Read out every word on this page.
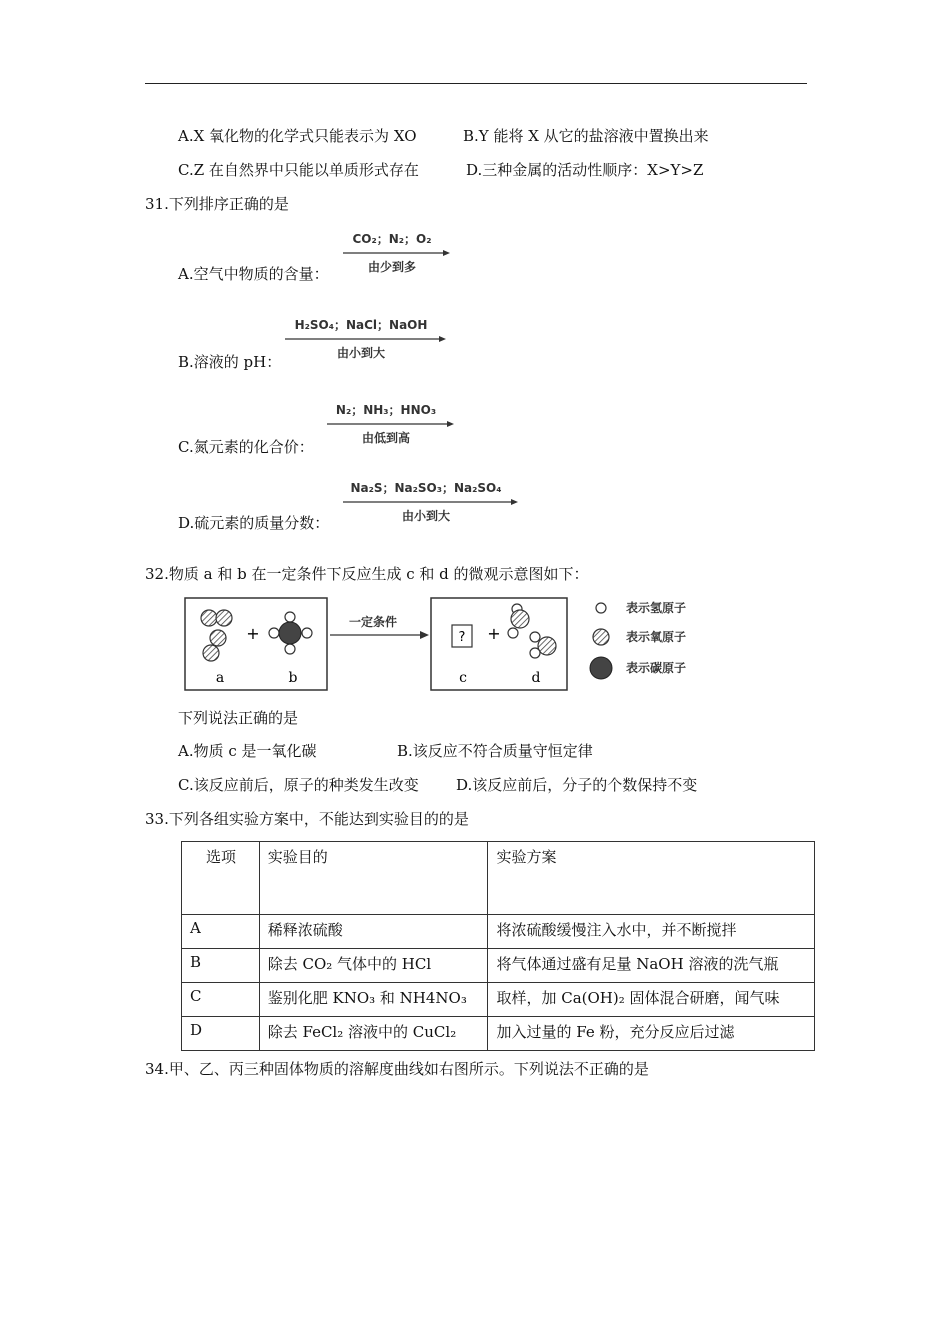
A.X 氧化物的化学式只能表示为 XO	B.Y 能将 X 从它的盐溶液中置换出来
C.Z 在自然界中只能以单质形式存在	D.三种金属的活动性顺序：X>Y>Z
31.下列排序正确的是
A.空气中物质的含量：
CO₂；N₂；O₂
由少到多
B.溶液的 pH：
H₂SO₄；NaCl；NaOH
由小到大
C.氮元素的化合价：
N₂；NH₃；HNO₃
由低到高
D.硫元素的质量分数：
Na₂S；Na₂SO₃；Na₂SO₄
由小到大
32.物质 a 和 b 在一定条件下反应生成 c 和 d 的微观示意图如下：
+
a	b
一定条件
? +
c	d
表示氢原子
表示氧原子
表示碳原子
下列说法正确的是
A.物质 c 是一氧化碳	B.该反应不符合质量守恒定律
C.该反应前后，原子的种类发生改变 D.该反应前后，分子的个数保持不变
33.下列各组实验方案中，不能达到实验目的的是
选项	实验目的	实验方案
A	稀释浓硫酸	将浓硫酸缓慢注入水中，并不断搅拌
B	除去 CO₂ 气体中的 HCl	将气体通过盛有足量 NaOH 溶液的洗气瓶
C	鉴别化肥 KNO₃ 和 NH4NO₃	取样，加 Ca(OH)₂ 固体混合研磨，闻气味
D	除去 FeCl₂ 溶液中的 CuCl₂	加入过量的 Fe 粉，充分反应后过滤
34.甲、乙、丙三种固体物质的溶解度曲线如右图所示。下列说法不正确的是
